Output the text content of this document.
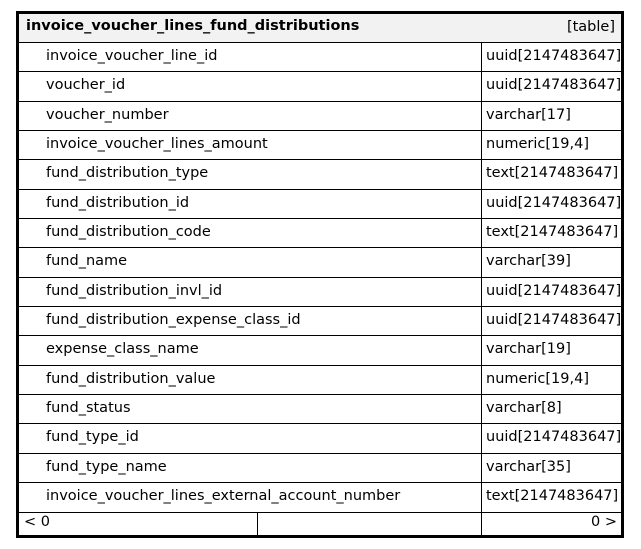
invoice_voucher_lines_fund_distributions	[table]
invoice_voucher_line_id	uuid[2147483647]
voucher_id	uuid[2147483647]
voucher_number	varchar[17]
invoice_voucher_lines_amount	numeric[19,4]
fund_distribution_type	text[2147483647]
fund_distribution_id	uuid[2147483647]
fund_distribution_code	text[2147483647]
fund_name	varchar[39]
fund_distribution_invl_id	uuid[2147483647]
fund_distribution_expense_class_id	uuid[2147483647]
expense_class_name	varchar[19]
fund_distribution_value	numeric[19,4]
fund_status	varchar[8]
fund_type_id	uuid[2147483647]
fund_type_name	varchar[35]
invoice_voucher_lines_external_account_number	text[2147483647]
< 0	0 >
